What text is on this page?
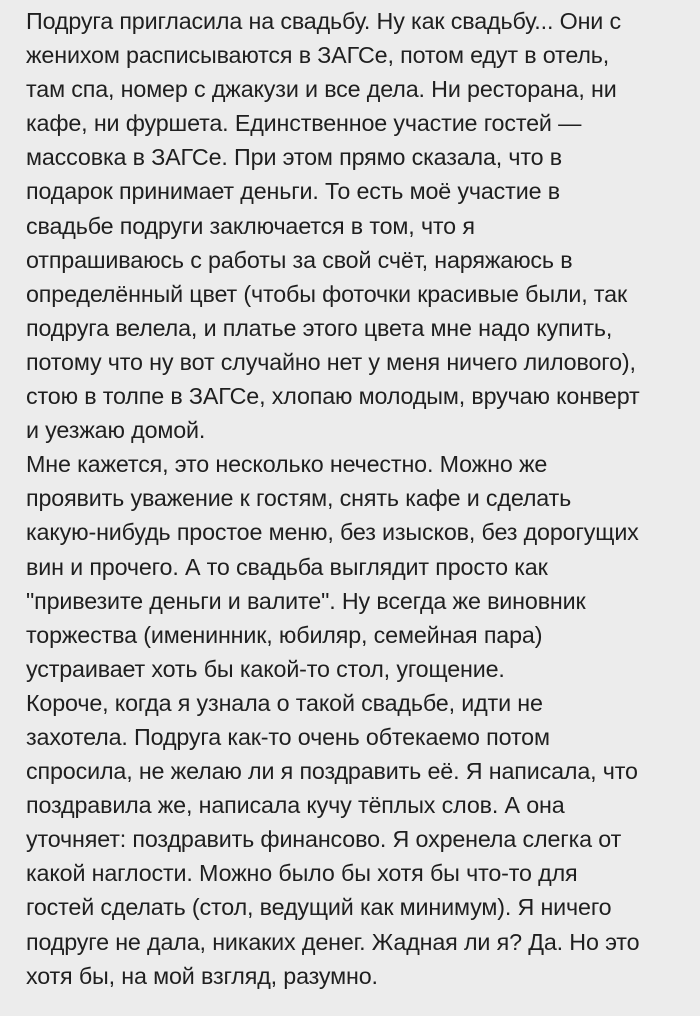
Подруга пригласила на свадьбу. Ну как свадьбу... Они с
женихом расписываются в ЗАГСе, потом едут в отель,
там спа, номер с джакузи и все дела. Ни ресторана, ни
кафе, ни фуршета. Единственное участие гостей —
массовка в ЗАГСе. При этом прямо сказала, что в
подарок принимает деньги. То есть моё участие в
свадьбе подруги заключается в том, что я
отпрашиваюсь с работы за свой счёт, наряжаюсь в
определённый цвет (чтобы фоточки красивые были, так
подруга велела, и платье этого цвета мне надо купить,
потому что ну вот случайно нет у меня ничего лилового),
стою в толпе в ЗАГСе, хлопаю молодым, вручаю конверт
и уезжаю домой.
Мне кажется, это несколько нечестно. Можно же
проявить уважение к гостям, снять кафе и сделать
какую-нибудь простое меню, без изысков, без дорогущих
вин и прочего. А то свадьба выглядит просто как
"привезите деньги и валите". Ну всегда же виновник
торжества (именинник, юбиляр, семейная пара)
устраивает хоть бы какой-то стол, угощение.
Короче, когда я узнала о такой свадьбе, идти не
захотела. Подруга как-то очень обтекаемо потом
спросила, не желаю ли я поздравить её. Я написала, что
поздравила же, написала кучу тёплых слов. А она
уточняет: поздравить финансово. Я охренела слегка от
какой наглости. Можно было бы хотя бы что-то для
гостей сделать (стол, ведущий как минимум). Я ничего
подруге не дала, никаких денег. Жадная ли я? Да. Но это
хотя бы, на мой взгляд, разумно.
